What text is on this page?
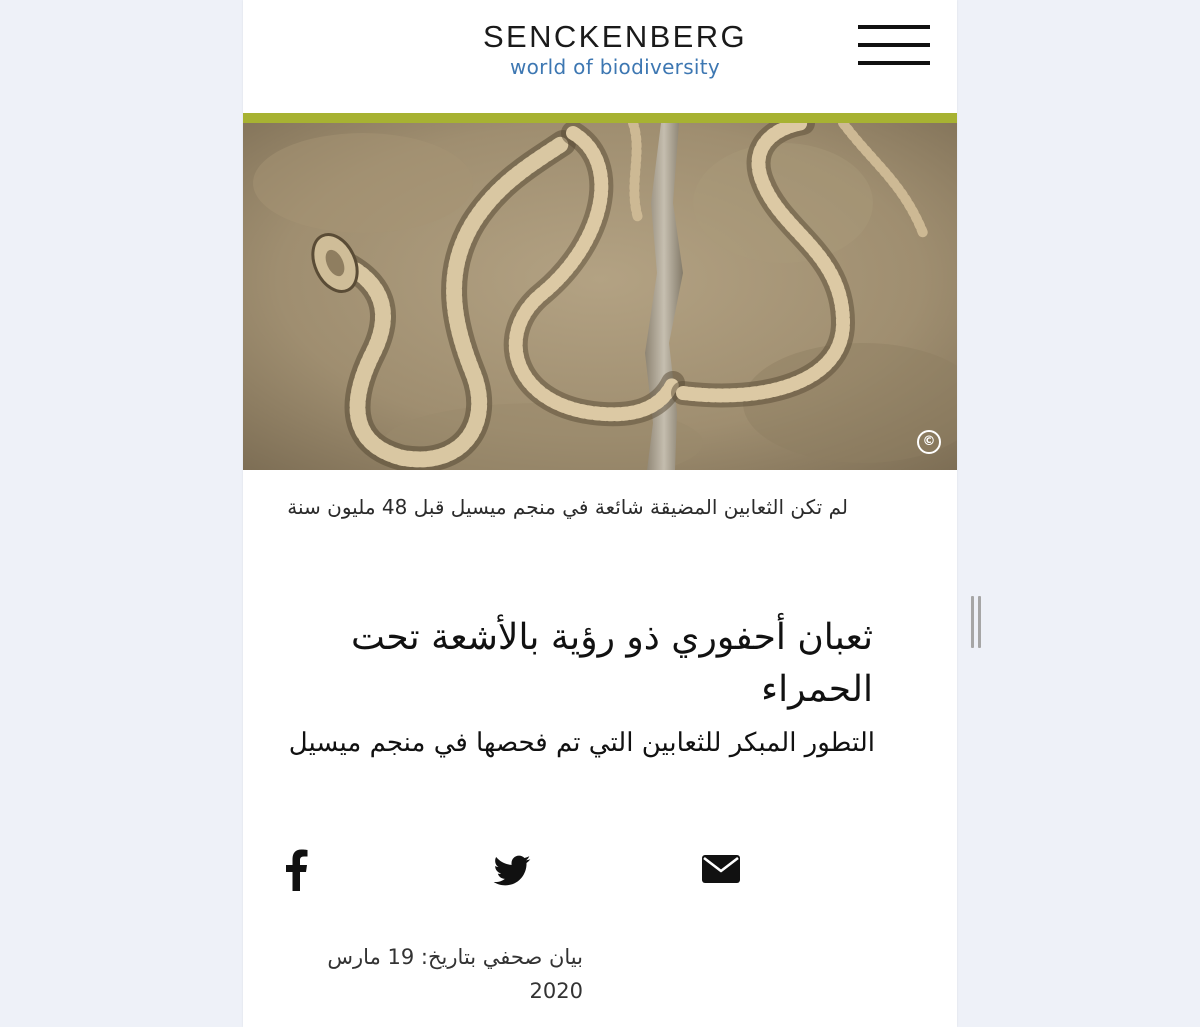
SENCKENBERG
world of biodiversity
©
لم تكن الثعابين المضيقة شائعة في منجم ميسيل قبل 48 مليون سنة
ثعبان أحفوري ذو رؤية بالأشعة تحت الحمراء
التطور المبكر للثعابين التي تم فحصها في منجم ميسيل
بيان صحفي بتاريخ: 19 مارس 2020
